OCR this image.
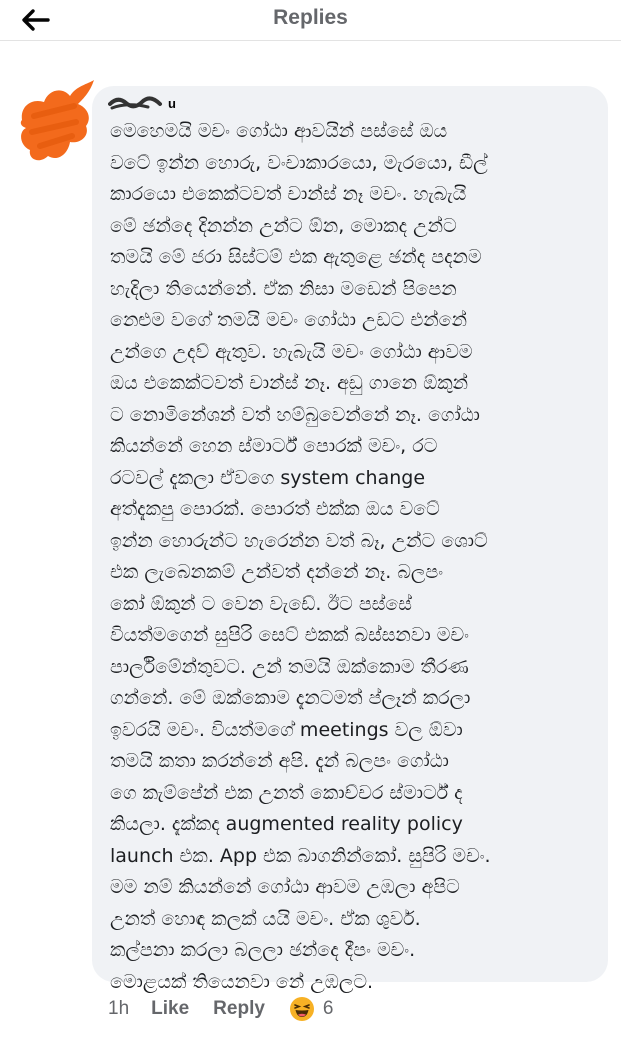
Replies
u
මෙහෙමයි මචං ගෝඨා ආවයින් පස්සේ ඔය
වටේ ඉන්න හොරු, වංචාකාරයො, මැරයො, ඩීල්
කාරයො එකෙක්ටවත් චාන්ස් නෑ මචං. හැබැයි
මේ ඡන්දෙ දිනන්න උන්ට ඕන, මොකද උන්ට
තමයි මේ ජරා සිස්ටම් එක ඇතුළෙ ඡන්ද පදනම
හැදිලා තියෙන්නේ. ඒක නිසා මඩෙන් පිපෙන
නෙළුම වගේ තමයි මචං ගෝඨා උඩට එන්නේ
උන්ගෙ උදව් ඇතුව. හැබැයි මචං ගෝඨා ආවම
ඔය එකෙක්ටවත් චාන්ස් නෑ. අඩු ගානෙ ඕකුන්
ට නොමිනේශන් වත් හම්බුවෙන්නේ නෑ. ගෝඨා
කියන්නේ හෙන ස්මාර්ට් පොරක් මචං, රට
රටවල් දැකලා ඒවගෙ system change
අත්දැකපු පොරක්. පොරත් එක්ක ඔය වටේ
ඉන්න හොරුන්ට හැරෙන්න වත් බෑ, උන්ට ශොට්
එක ලැබෙනකම් උන්වත් දන්නේ නෑ. බලපං
කෝ ඕකුන් ට වෙන වැඩේ. ඊට පස්සේ
වියත්මගෙන් සුපිරි සෙට් එකක් බස්සනවා මචං
පාර්ලිමේන්තුවට. උන් තමයි ඔක්කොම තීරණ
ගන්නේ. මේ ඔක්කොම දැනටමත් ප්ලෑන් කරලා
ඉවරයි මචං. වියත්මගේ meetings වල ඕවා
තමයි කතා කරන්නේ අපි. දැන් බලපං ගෝඨා
ගෙ කැම්පේන් එක උනත් කොච්චර ස්මාර්ට් ද
කියලා. දැක්කද augmented reality policy
launch එක. App එක බාගනින්කෝ. සුපිරි මචං.
මම නම් කියන්නේ ගෝඨා ආවම උඹලා අපිට
උනත් හොඳ කලක් යයි මචං. ඒක ශුවර්.
කල්පනා කරලා බලලා ඡන්දෙ දීපං මචං.
මොළයක් තියෙනවා නේ උඹලට.
1h Like Reply	6
